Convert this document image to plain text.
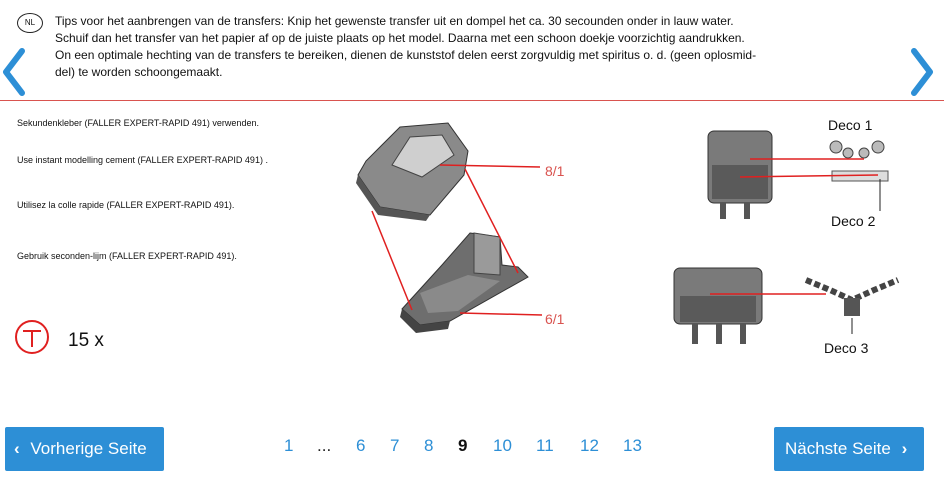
NL	Tips voor het aanbrengen van de transfers: Knip het gewenste transfer uit en dompel het ca. 30 secounden onder in lauw water.
Schuif dan het transfer van het papier af op de juiste plaats op het model. Daarna met een schoon doekje voorzichtig aandrukken.
On een optimale hechting van de transfers te bereiken, dienen de kunststof delen eerst zorgvuldig met spiritus o. d. (geen oplosmid-
del) te worden schoongemaakt.
Sekundenkleber (FALLER EXPERT-RAPID 491) verwenden.
Use instant modelling cement (FALLER EXPERT-RAPID 491) .
Utilisez la colle rapide (FALLER EXPERT-RAPID 491).
Gebruik seconden-lijm (FALLER EXPERT-RAPID 491).
15 x
8/1
6/1
Deco 1
Deco 2
Deco 3
‹ Vorherige Seite	Nächste Seite ›
1 ... 6 7 8 9 10 11 12 13
